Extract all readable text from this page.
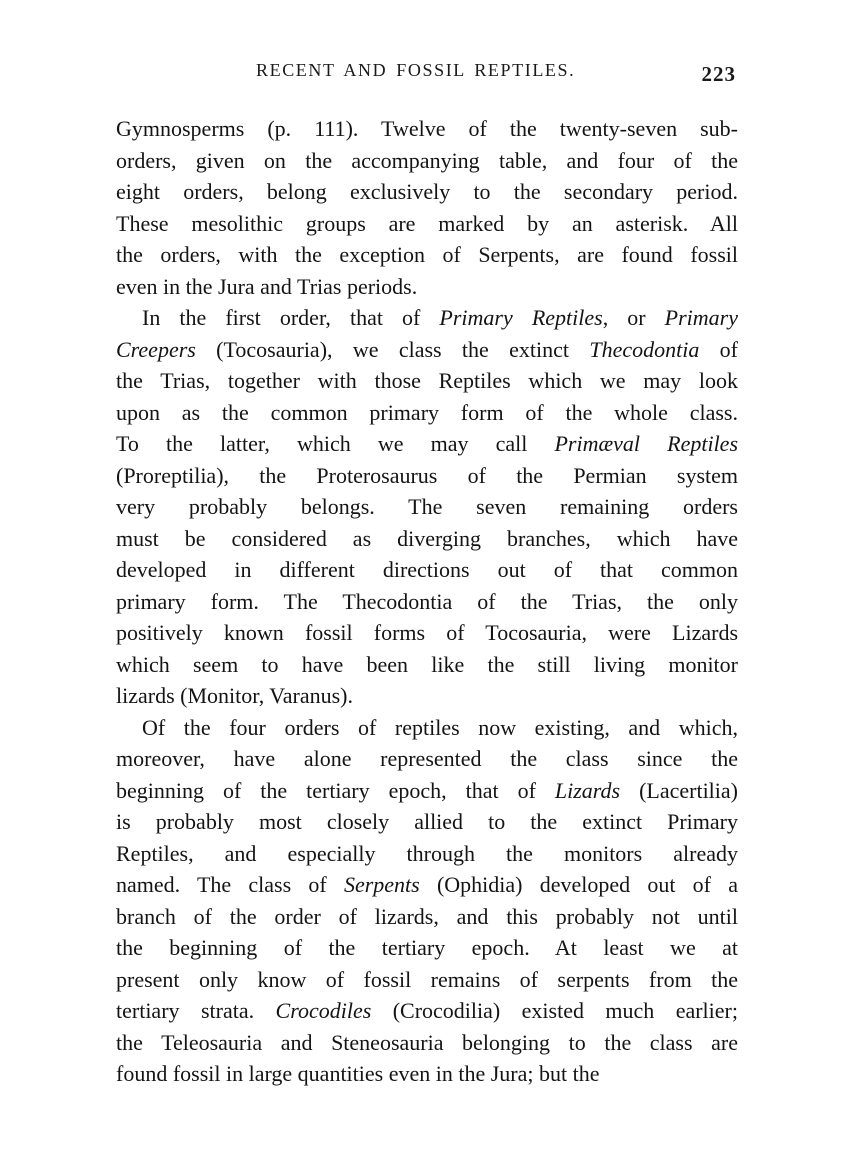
RECENT AND FOSSIL REPTILES.	223
Gymnosperms (p. 111). Twelve of the twenty-seven sub-
orders, given on the accompanying table, and four of the
eight orders, belong exclusively to the secondary period.
These mesolithic groups are marked by an asterisk. All
the orders, with the exception of Serpents, are found fossil
even in the Jura and Trias periods.
In the first order, that of Primary Reptiles, or Primary
Creepers (Tocosauria), we class the extinct Thecodontia of
the Trias, together with those Reptiles which we may look
upon as the common primary form of the whole class.
To the latter, which we may call Primæval Reptiles
(Proreptilia), the Proterosaurus of the Permian system
very probably belongs. The seven remaining orders
must be considered as diverging branches, which have
developed in different directions out of that common
primary form. The Thecodontia of the Trias, the only
positively known fossil forms of Tocosauria, were Lizards
which seem to have been like the still living monitor
lizards (Monitor, Varanus).
Of the four orders of reptiles now existing, and which,
moreover, have alone represented the class since the
beginning of the tertiary epoch, that of Lizards (Lacertilia)
is probably most closely allied to the extinct Primary
Reptiles, and especially through the monitors already
named. The class of Serpents (Ophidia) developed out of a
branch of the order of lizards, and this probably not until
the beginning of the tertiary epoch. At least we at
present only know of fossil remains of serpents from the
tertiary strata. Crocodiles (Crocodilia) existed much earlier;
the Teleosauria and Steneosauria belonging to the class are
found fossil in large quantities even in the Jura; but the
